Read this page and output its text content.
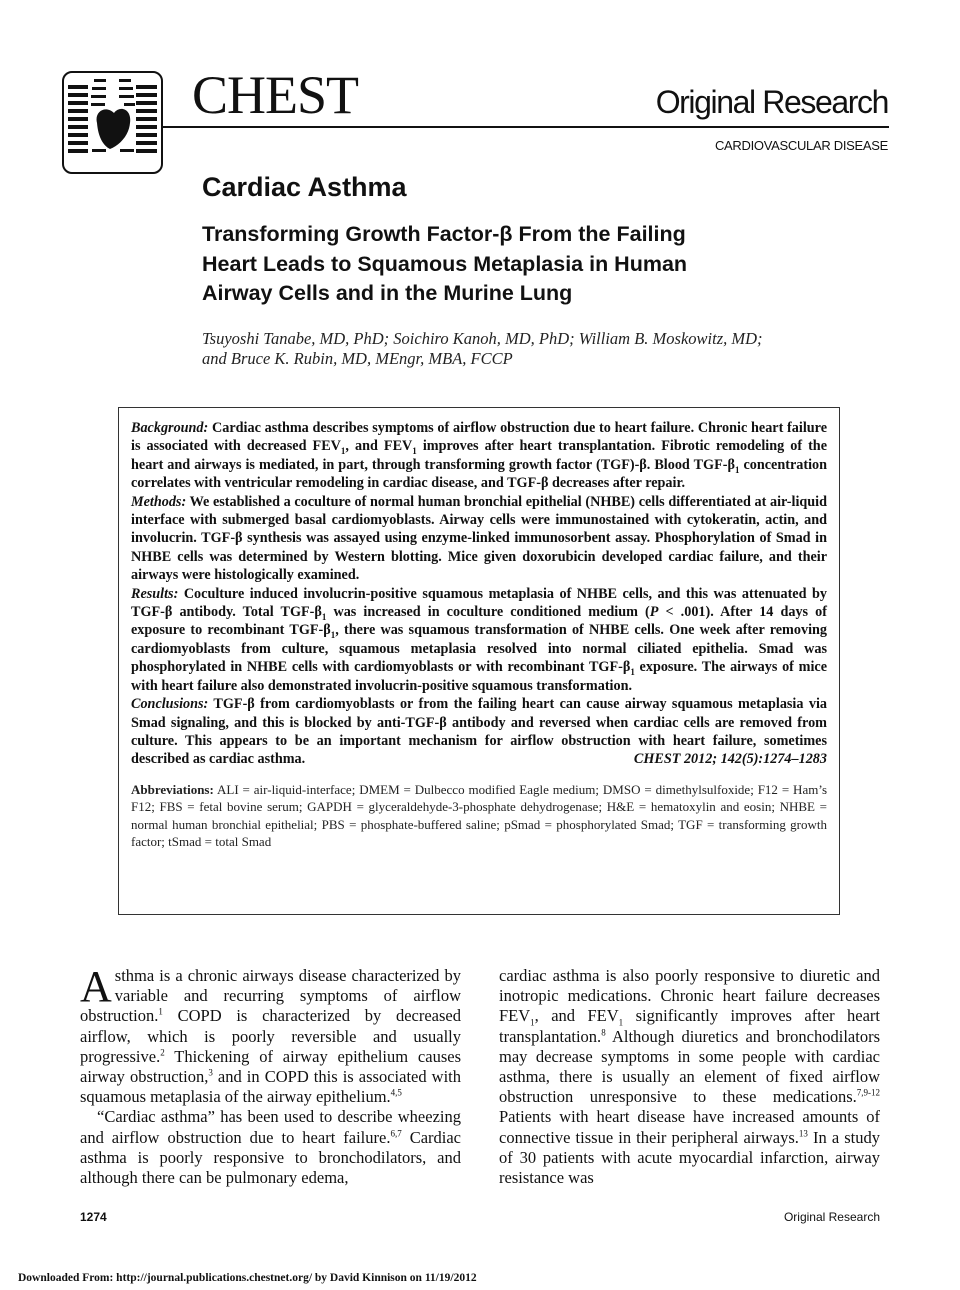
CHEST	Original Research
CARDIOVASCULAR DISEASE
Cardiac Asthma
Transforming Growth Factor-β From the Failing
Heart Leads to Squamous Metaplasia in Human
Airway Cells and in the Murine Lung
Tsuyoshi Tanabe, MD, PhD; Soichiro Kanoh, MD, PhD; William B. Moskowitz, MD;
and Bruce K. Rubin, MD, MEngr, MBA, FCCP

Background: Cardiac asthma describes symptoms of airflow obstruction due to heart failure. Chronic heart failure is associated with decreased $FEV_1$, and $FEV_1$ improves after heart transplantation. Fibrotic remodeling of the heart and airways is mediated, in part, through transforming growth factor (TGF)-β. Blood TGF-$\beta_1$ concentration correlates with ventricular remodeling in cardiac disease, and TGF-β decreases after repair.

Methods: We established a coculture of normal human bronchial epithelial (NHBE) cells differentiated at air-liquid interface with submerged basal cardiomyoblasts. Airway cells were immunostained with cytokeratin, actin, and involucrin. TGF-β synthesis was assayed using enzyme-linked immunosorbent assay. Phosphorylation of Smad in NHBE cells was determined by Western blotting. Mice given doxorubicin developed cardiac failure, and their airways were histologically examined.

Results: Coculture induced involucrin-positive squamous metaplasia of NHBE cells, and this was attenuated by TGF-β antibody. Total TGF-$\beta_1$ was increased in coculture conditioned medium (P < .001). After 14 days of exposure to recombinant TGF-$\beta_1$, there was squamous transformation of NHBE cells. One week after removing cardiomyoblasts from culture, squamous metaplasia resolved into normal ciliated epithelia. Smad was phosphorylated in NHBE cells with cardiomyoblasts or with recombinant TGF-$\beta_1$ exposure. The airways of mice with heart failure also demonstrated involucrin-positive squamous transformation.

Conclusions: TGF-β from cardiomyoblasts or from the failing heart can cause airway squamous metaplasia via Smad signaling, and this is blocked by anti-TGF-β antibody and reversed when cardiac cells are removed from culture. This appears to be an important mechanism for airflow obstruction with heart failure, sometimes described as cardiac asthma.	CHEST 2012; 142(5):1274–1283

Abbreviations: ALI = air-liquid-interface; DMEM = Dulbecco modified Eagle medium; DMSO = dimethylsulfoxide; F12 = Ham’s F12; FBS = fetal bovine serum; GAPDH = glyceraldehyde-3-phosphate dehydrogenase; H&E = hematoxylin and eosin; NHBE = normal human bronchial epithelial; PBS = phosphate-buffered saline; pSmad = phosphorylated Smad; TGF = transforming growth factor; tSmad = total Smad

Asthma is a chronic airways disease characterized by variable and recurring symptoms of airflow obstruction.$^1$ COPD is characterized by decreased airflow, which is poorly reversible and usually progressive.$^2$ Thickening of airway epithelium causes airway obstruction,$^3$ and in COPD this is associated with squamous metaplasia of the airway epithelium.$^{4,5}$

“Cardiac asthma” has been used to describe wheezing and airflow obstruction due to heart failure.$^{6,7}$ Cardiac asthma is poorly responsive to bronchodilators, and although there can be pulmonary edema,

cardiac asthma is also poorly responsive to diuretic and inotropic medications. Chronic heart failure decreases $FEV_1$, and $FEV_1$ significantly improves after heart transplantation.$^8$ Although diuretics and bronchodilators may decrease symptoms in some people with cardiac asthma, there is usually an element of fixed airflow obstruction unresponsive to these medications.$^{7,9-12}$ Patients with heart disease have increased amounts of connective tissue in their peripheral airways.$^{13}$ In a study of 30 patients with acute myocardial infarction, airway resistance was

1274	Original Research
Downloaded From: http://journal.publications.chestnet.org/ by David Kinnison on 11/19/2012
